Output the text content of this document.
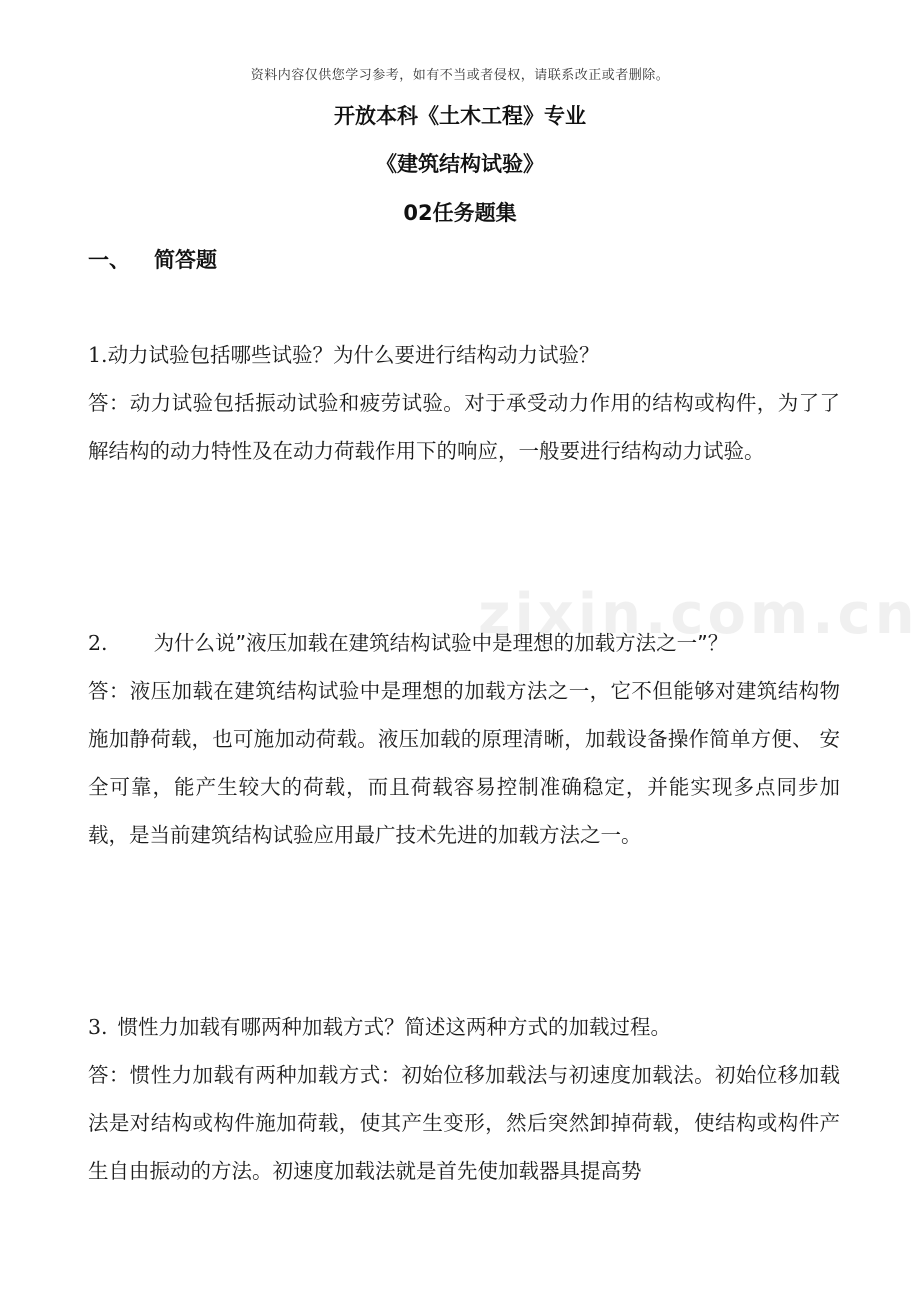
资料内容仅供您学习参考，如有不当或者侵权，请联系改正或者删除。
开放本科《土木工程》专业
《建筑结构试验》
02任务题集
一、 简答题
zixin.com.cn
1.动力试验包括哪些试验？为什么要进行结构动力试验？
答：动力试验包括振动试验和疲劳试验。对于承受动力作用的结构或构件，为了了解结构的动力特性及在动力荷载作用下的响应，一般要进行结构动力试验。
2. 为什么说”液压加载在建筑结构试验中是理想的加载方法之一”？
答：液压加载在建筑结构试验中是理想的加载方法之一，它不但能够对建筑结构物施加静荷载，也可施加动荷载。液压加载的原理清晰，加载设备操作简单方便、 安全可靠，能产生较大的荷载，而且荷载容易控制准确稳定，并能实现多点同步加载，是当前建筑结构试验应用最广技术先进的加载方法之一。
3. 惯性力加载有哪两种加载方式？简述这两种方式的加载过程。
答：惯性力加载有两种加载方式：初始位移加载法与初速度加载法。初始位移加载法是对结构或构件施加荷载，使其产生变形，然后突然卸掉荷载，使结构或构件产生自由振动的方法。初速度加载法就是首先使加载器具提高势
